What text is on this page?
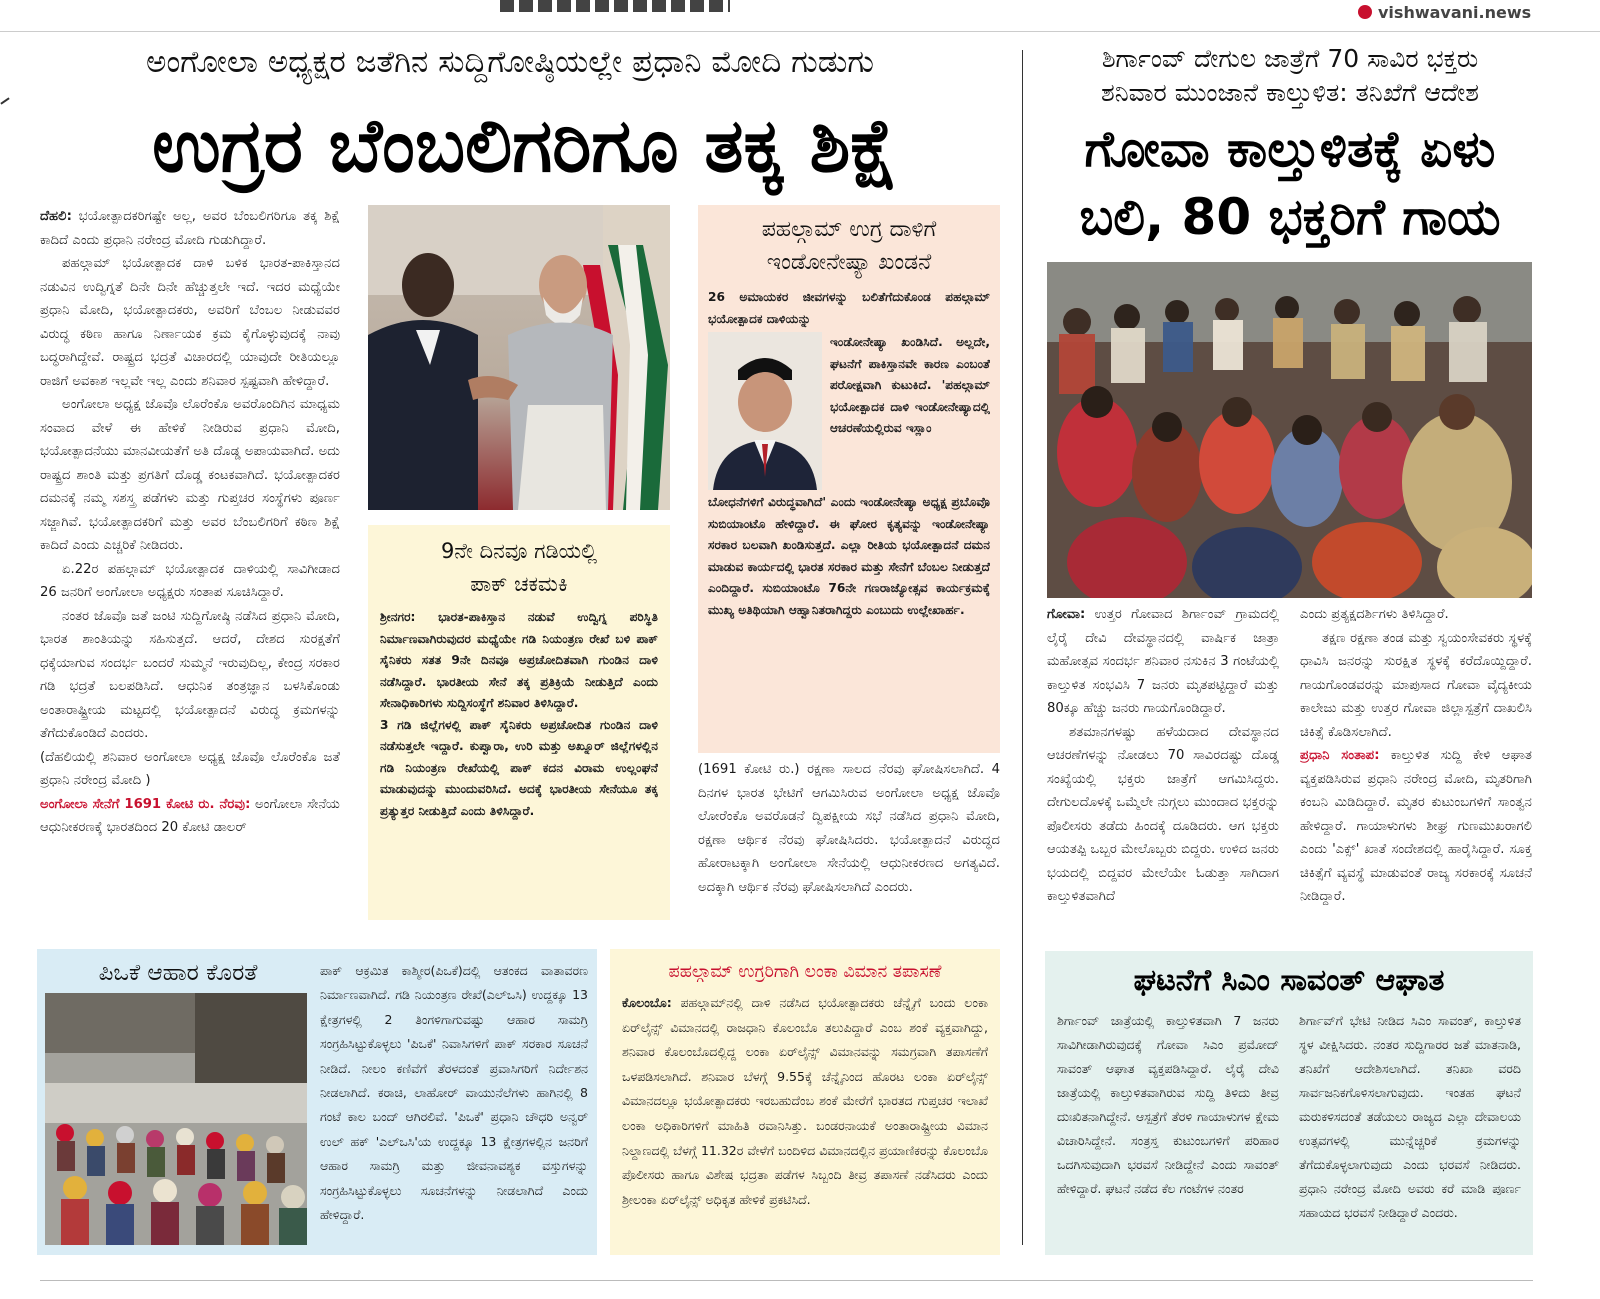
vishwavani.news
ಅಂಗೋಲಾ ಅಧ್ಯಕ್ಷರ ಜತೆಗಿನ ಸುದ್ದಿಗೋಷ್ಠಿಯಲ್ಲೇ ಪ್ರಧಾನಿ ಮೋದಿ ಗುಡುಗು
ಉಗ್ರರ ಬೆಂಬಲಿಗರಿಗೂ ತಕ್ಕ ಶಿಕ್ಷೆ

ದೆಹಲಿ: ಭಯೋತ್ಪಾದಕರಿಗಷ್ಟೇ ಅಲ್ಲ, ಅವರ ಬೆಂಬಲಿಗರಿಗೂ ತಕ್ಕ ಶಿಕ್ಷೆ ಕಾದಿದೆ ಎಂದು ಪ್ರಧಾನಿ ನರೇಂದ್ರ ಮೋದಿ ಗುಡುಗಿದ್ದಾರೆ.

ಪಹಲ್ಗಾಮ್ ಭಯೋತ್ಪಾದಕ ದಾಳಿ ಬಳಿಕ ಭಾರತ-ಪಾಕಿಸ್ತಾನದ ನಡುವಿನ ಉದ್ವಿಗ್ನತೆ ದಿನೇ ದಿನೇ ಹೆಚ್ಚುತ್ತಲೇ ಇದೆ. ಇದರ ಮಧ್ಯೆಯೇ ಪ್ರಧಾನಿ ಮೋದಿ, ಭಯೋತ್ಪಾದಕರು, ಅವರಿಗೆ ಬೆಂಬಲ ನೀಡುವವರ ವಿರುದ್ಧ ಕಠಿಣ ಹಾಗೂ ನಿರ್ಣಾಯಕ ಕ್ರಮ ಕೈಗೊಳ್ಳುವುದಕ್ಕೆ ನಾವು ಬದ್ಧರಾಗಿದ್ದೇವೆ. ರಾಷ್ಟ್ರದ ಭದ್ರತೆ ವಿಚಾರದಲ್ಲಿ ಯಾವುದೇ ರೀತಿಯಲ್ಲೂ ರಾಜಿಗೆ ಅವಕಾಶ ಇಲ್ಲವೇ ಇಲ್ಲ ಎಂದು ಶನಿವಾರ ಸ್ಪಷ್ಟವಾಗಿ ಹೇಳಿದ್ದಾರೆ.

ಅಂಗೋಲಾ ಅಧ್ಯಕ್ಷ ಜೊವೊ ಲೊರೆಂಕೊ ಅವರೊಂದಿಗಿನ ಮಾಧ್ಯಮ ಸಂವಾದ ವೇಳೆ ಈ ಹೇಳಿಕೆ ನೀಡಿರುವ ಪ್ರಧಾನಿ ಮೋದಿ, ಭಯೋತ್ಪಾದನೆಯು ಮಾನವೀಯತೆಗೆ ಅತಿ ದೊಡ್ಡ ಅಪಾಯವಾಗಿದೆ. ಅದು ರಾಷ್ಟ್ರದ ಶಾಂತಿ ಮತ್ತು ಪ್ರಗತಿಗೆ ದೊಡ್ಡ ಕಂಟಕವಾಗಿದೆ. ಭಯೋತ್ಪಾದಕರ ದಮನಕ್ಕೆ ನಮ್ಮ ಸಶಸ್ತ್ರ ಪಡೆಗಳು ಮತ್ತು ಗುಪ್ತಚರ ಸಂಸ್ಥೆಗಳು ಪೂರ್ಣ ಸಜ್ಜಾಗಿವೆ. ಭಯೋತ್ಪಾದಕರಿಗೆ ಮತ್ತು ಅವರ ಬೆಂಬಲಿಗರಿಗೆ ಕಠಿಣ ಶಿಕ್ಷೆ ಕಾದಿದೆ ಎಂದು ಎಚ್ಚರಿಕೆ ನೀಡಿದರು.

ಏ.22ರ ಪಹಲ್ಗಾಮ್ ಭಯೋತ್ಪಾದಕ ದಾಳಿಯಲ್ಲಿ ಸಾವಿಗೀಡಾದ 26 ಜನರಿಗೆ ಅಂಗೋಲಾ ಅಧ್ಯಕ್ಷರು ಸಂತಾಪ ಸೂಚಿಸಿದ್ದಾರೆ.

ನಂತರ ಜೊವೊ ಜತೆ ಜಂಟಿ ಸುದ್ದಿಗೋಷ್ಠಿ ನಡೆಸಿದ ಪ್ರಧಾನಿ ಮೋದಿ, ಭಾರತ ಶಾಂತಿಯನ್ನು ಸಹಿಸುತ್ತದೆ. ಆದರೆ, ದೇಶದ ಸುರಕ್ಷತೆಗೆ ಧಕ್ಕೆಯಾಗುವ ಸಂದರ್ಭ ಬಂದರೆ ಸುಮ್ಮನೆ ಇರುವುದಿಲ್ಲ, ಕೇಂದ್ರ ಸರಕಾರ ಗಡಿ ಭದ್ರತೆ ಬಲಪಡಿಸಿದೆ. ಆಧುನಿಕ ತಂತ್ರಜ್ಞಾನ ಬಳಸಿಕೊಂಡು ಅಂತಾರಾಷ್ಟ್ರೀಯ ಮಟ್ಟದಲ್ಲಿ ಭಯೋತ್ಪಾದನೆ ವಿರುದ್ಧ ಕ್ರಮಗಳನ್ನು ತೆಗೆದುಕೊಂಡಿದೆ ಎಂದರು.

(ದೆಹಲಿಯಲ್ಲಿ ಶನಿವಾರ ಅಂಗೋಲಾ ಅಧ್ಯಕ್ಷ ಜೊವೊ ಲೊರೆಂಕೊ ಜತೆ ಪ್ರಧಾನಿ ನರೇಂದ್ರ ಮೋದಿ )

ಅಂಗೋಲಾ ಸೇನೆಗೆ 1691 ಕೋಟಿ ರು. ನೆರವು: ಅಂಗೋಲಾ ಸೇನೆಯ ಆಧುನೀಕರಣಕ್ಕೆ ಭಾರತದಿಂದ 20 ಕೋಟಿ ಡಾಲರ್

9ನೇ ದಿನವೂ ಗಡಿಯಲ್ಲಿ
ಪಾಕ್ ಚಕಮಕಿ

ಶ್ರೀನಗರ: ಭಾರತ-ಪಾಕಿಸ್ತಾನ ನಡುವೆ ಉದ್ವಿಗ್ನ ಪರಿಸ್ಥಿತಿ ನಿರ್ಮಾಣವಾಗಿರುವುದರ ಮಧ್ಯೆಯೇ ಗಡಿ ನಿಯಂತ್ರಣ ರೇಖೆ ಬಳಿ ಪಾಕ್ ಸೈನಿಕರು ಸತತ 9ನೇ ದಿನವೂ ಅಪ್ರಚೋದಿತವಾಗಿ ಗುಂಡಿನ ದಾಳಿ ನಡೆಸಿದ್ದಾರೆ. ಭಾರತೀಯ ಸೇನೆ ತಕ್ಕ ಪ್ರತಿಕ್ರಿಯೆ ನೀಡುತ್ತಿದೆ ಎಂದು ಸೇನಾಧಿಕಾರಿಗಳು ಸುದ್ದಿಸಂಸ್ಥೆಗೆ ಶನಿವಾರ ತಿಳಿಸಿದ್ದಾರೆ.

3 ಗಡಿ ಜಿಲ್ಲೆಗಳಲ್ಲಿ ಪಾಕ್ ಸೈನಿಕರು ಅಪ್ರಚೋದಿತ ಗುಂಡಿನ ದಾಳಿ ನಡೆಸುತ್ತಲೇ ಇದ್ದಾರೆ. ಕುಪ್ವಾರಾ, ಉರಿ ಮತ್ತು ಅಖ್ನೂರ್ ಜಿಲ್ಲೆಗಳಲ್ಲಿನ ಗಡಿ ನಿಯಂತ್ರಣ ರೇಖೆಯಲ್ಲಿ ಪಾಕ್ ಕದನ ವಿರಾಮ ಉಲ್ಲಂಘನೆ ಮಾಡುವುದನ್ನು ಮುಂದುವರಿಸಿದೆ. ಅದಕ್ಕೆ ಭಾರತೀಯ ಸೇನೆಯೂ ತಕ್ಕ ಪ್ರತ್ಯುತ್ತರ ನೀಡುತ್ತಿದೆ ಎಂದು ತಿಳಿಸಿದ್ದಾರೆ.

ಪಹಲ್ಗಾಮ್ ಉಗ್ರ ದಾಳಿಗೆ
ಇಂಡೋನೇಷ್ಯಾ ಖಂಡನೆ
26 ಅಮಾಯಕರ ಜೀವಗಳನ್ನು ಬಲಿತೆಗೆದುಕೊಂಡ ಪಹಲ್ಗಾಮ್ ಭಯೋತ್ಪಾದಕ ದಾಳಿಯನ್ನು
ಇಂಡೋನೇಷ್ಯಾ ಖಂಡಿಸಿದೆ. ಅಲ್ಲದೇ, ಘಟನೆಗೆ ಪಾಕಿಸ್ತಾನವೇ ಕಾರಣ ಎಂಬಂತೆ ಪರೋಕ್ಷವಾಗಿ ಕುಟುಕಿದೆ. 'ಪಹಲ್ಗಾಮ್ ಭಯೋತ್ಪಾದಕ ದಾಳಿ ಇಂಡೋನೇಷ್ಯಾದಲ್ಲಿ ಆಚರಣೆಯಲ್ಲಿರುವ ಇಸ್ಲಾಂ
ಬೋಧನೆಗಳಿಗೆ ವಿರುದ್ಧವಾಗಿದೆ' ಎಂದು ಇಂಡೋನೇಷ್ಯಾ ಅಧ್ಯಕ್ಷ ಪ್ರಬೊವೊ ಸುಬಿಯಾಂಟೊ ಹೇಳಿದ್ದಾರೆ. ಈ ಘೋರ ಕೃತ್ಯವನ್ನು ಇಂಡೋನೇಷ್ಯಾ ಸರಕಾರ ಬಲವಾಗಿ ಖಂಡಿಸುತ್ತದೆ. ಎಲ್ಲಾ ರೀತಿಯ ಭಯೋತ್ಪಾದನೆ ದಮನ ಮಾಡುವ ಕಾರ್ಯದಲ್ಲಿ ಭಾರತ ಸರಕಾರ ಮತ್ತು ಸೇನೆಗೆ ಬೆಂಬಲ ನೀಡುತ್ತದೆ ಎಂದಿದ್ದಾರೆ. ಸುಬಿಯಾಂಟೊ 76ನೇ ಗಣರಾಜ್ಯೋತ್ಸವ ಕಾರ್ಯಕ್ರಮಕ್ಕೆ ಮುಖ್ಯ ಅತಿಥಿಯಾಗಿ ಆಹ್ವಾನಿತರಾಗಿದ್ದರು ಎಂಬುದು ಉಲ್ಲೇಖಾರ್ಹ.
(1691 ಕೋಟಿ ರು.) ರಕ್ಷಣಾ ಸಾಲದ ನೆರವು ಘೋಷಿಸಲಾಗಿದೆ. 4 ದಿನಗಳ ಭಾರತ ಭೇಟಿಗೆ ಆಗಮಿಸಿರುವ ಅಂಗೋಲಾ ಅಧ್ಯಕ್ಷ ಜೊವೊ ಲೋರೆಂಕೊ ಅವರೊಡನೆ ದ್ವಿಪಕ್ಷೀಯ ಸಭೆ ನಡೆಸಿದ ಪ್ರಧಾನಿ ಮೋದಿ, ರಕ್ಷಣಾ ಆರ್ಥಿಕ ನೆರವು ಘೋಷಿಸಿದರು. ಭಯೋತ್ಪಾದನೆ ವಿರುದ್ಧದ ಹೋರಾಟಕ್ಕಾಗಿ ಅಂಗೋಲಾ ಸೇನೆಯಲ್ಲಿ ಆಧುನೀಕರಣದ ಅಗತ್ಯವಿದೆ. ಅದಕ್ಕಾಗಿ ಆರ್ಥಿಕ ನೆರವು ಘೋಷಿಸಲಾಗಿದೆ ಎಂದರು.
ಶಿರ್ಗಾಂವ್ ದೇಗುಲ ಜಾತ್ರೆಗೆ 70 ಸಾವಿರ ಭಕ್ತರು
ಶನಿವಾರ ಮುಂಜಾನೆ ಕಾಲ್ತುಳಿತ: ತನಿಖೆಗೆ ಆದೇಶ
ಗೋವಾ ಕಾಲ್ತುಳಿತಕ್ಕೆ ಏಳು
ಬಲಿ, 80 ಭಕ್ತರಿಗೆ ಗಾಯ

ಗೋವಾ: ಉತ್ತರ ಗೋವಾದ ಶಿರ್ಗಾಂವ್ ಗ್ರಾಮದಲ್ಲಿ ಲೈರೈ ದೇವಿ ದೇವಸ್ಥಾನದಲ್ಲಿ ವಾರ್ಷಿಕ ಜಾತ್ರಾ ಮಹೋತ್ಸವ ಸಂದರ್ಭ ಶನಿವಾರ ನಸುಕಿನ 3 ಗಂಟೆಯಲ್ಲಿ ಕಾಲ್ತುಳಿತ ಸಂಭವಿಸಿ 7 ಜನರು ಮೃತಪಟ್ಟಿದ್ದಾರೆ ಮತ್ತು 80ಕ್ಕೂ ಹೆಚ್ಚು ಜನರು ಗಾಯಗೊಂಡಿದ್ದಾರೆ.

ಶತಮಾನಗಳಷ್ಟು ಹಳೆಯದಾದ ದೇವಸ್ಥಾನದ ಆಚರಣೆಗಳನ್ನು ನೋಡಲು 70 ಸಾವಿರದಷ್ಟು ದೊಡ್ಡ ಸಂಖ್ಯೆಯಲ್ಲಿ ಭಕ್ತರು ಜಾತ್ರೆಗೆ ಆಗಮಿಸಿದ್ದರು. ದೇಗುಲದೊಳಕ್ಕೆ ಒಮ್ಮೆಲೇ ನುಗ್ಗಲು ಮುಂದಾದ ಭಕ್ತರನ್ನು ಪೊಲೀಸರು ತಡೆದು ಹಿಂದಕ್ಕೆ ದೂಡಿದರು. ಆಗ ಭಕ್ತರು ಆಯತಪ್ಪಿ ಒಬ್ಬರ ಮೇಲೊಬ್ಬರು ಬಿದ್ದರು. ಉಳಿದ ಜನರು ಭಯದಲ್ಲಿ ಬಿದ್ದವರ ಮೇಲೆಯೇ ಓಡುತ್ತಾ ಸಾಗಿದಾಗ ಕಾಲ್ತುಳಿತವಾಗಿದೆ

ಎಂದು ಪ್ರತ್ಯಕ್ಷದರ್ಶಿಗಳು ತಿಳಿಸಿದ್ದಾರೆ.

ತಕ್ಷಣ ರಕ್ಷಣಾ ತಂಡ ಮತ್ತು ಸ್ವಯಂಸೇವಕರು ಸ್ಥಳಕ್ಕೆ ಧಾವಿಸಿ ಜನರನ್ನು ಸುರಕ್ಷಿತ ಸ್ಥಳಕ್ಕೆ ಕರೆದೊಯ್ದಿದ್ದಾರೆ. ಗಾಯಗೊಂಡವರನ್ನು ಮಾಪುಸಾದ ಗೋವಾ ವೈದ್ಯಕೀಯ ಕಾಲೇಜು ಮತ್ತು ಉತ್ತರ ಗೋವಾ ಜಿಲ್ಲಾಸ್ಪತ್ರೆಗೆ ದಾಖಲಿಸಿ ಚಿಕಿತ್ಸೆ ಕೊಡಿಸಲಾಗಿದೆ.

ಪ್ರಧಾನಿ ಸಂತಾಪ: ಕಾಲ್ತುಳಿತ ಸುದ್ದಿ ಕೇಳಿ ಆಘಾತ ವ್ಯಕ್ತಪಡಿಸಿರುವ ಪ್ರಧಾನಿ ನರೇಂದ್ರ ಮೋದಿ, ಮೃತರಿಗಾಗಿ ಕಂಬನಿ ಮಿಡಿದಿದ್ದಾರೆ. ಮೃತರ ಕುಟುಂಬಗಳಿಗೆ ಸಾಂತ್ವನ ಹೇಳಿದ್ದಾರೆ. ಗಾಯಾಳುಗಳು ಶೀಘ್ರ ಗುಣಮುಖರಾಗಲಿ ಎಂದು 'ಎಕ್ಸ್' ಖಾತೆ ಸಂದೇಶದಲ್ಲಿ ಹಾರೈಸಿದ್ದಾರೆ. ಸೂಕ್ತ ಚಿಕಿತ್ಸೆಗೆ ವ್ಯವಸ್ಥೆ ಮಾಡುವಂತೆ ರಾಜ್ಯ ಸರಕಾರಕ್ಕೆ ಸೂಚನೆ ನೀಡಿದ್ದಾರೆ.

ಪಿಒಕೆ ಆಹಾರ ಕೊರತೆ	ಪಾಕ್ ಆಕ್ರಮಿತ ಕಾಶ್ಮೀರ(ಪಿಒಕೆ)ದಲ್ಲಿ ಆತಂಕದ ವಾತಾವರಣ ನಿರ್ಮಾಣವಾಗಿದೆ. ಗಡಿ ನಿಯಂತ್ರಣ ರೇಖೆ(ಎಲ್‌ಒಸಿ) ಉದ್ದಕ್ಕೂ 13 ಕ್ಷೇತ್ರಗಳಲ್ಲಿ 2 ತಿಂಗಳಿಗಾಗುವಷ್ಟು ಆಹಾರ ಸಾಮಗ್ರಿ ಸಂಗ್ರಹಿಸಿಟ್ಟುಕೊಳ್ಳಲು 'ಪಿಒಕೆ' ನಿವಾಸಿಗಳಿಗೆ ಪಾಕ್ ಸರಕಾರ ಸೂಚನೆ ನೀಡಿದೆ. ನೀಲಂ ಕಣಿವೆಗೆ ತೆರಳದಂತೆ ಪ್ರವಾಸಿಗರಿಗೆ ನಿರ್ದೇಶನ ನೀಡಲಾಗಿದೆ. ಕರಾಚಿ, ಲಾಹೋರ್ ವಾಯುನೆಲೆಗಳು ಹಾಗಿನಲ್ಲಿ 8 ಗಂಟೆ ಕಾಲ ಬಂದ್ ಆಗಿರಲಿವೆ. 'ಪಿಒಕೆ' ಪ್ರಧಾನಿ ಚೌಧರಿ ಅನ್ವರ್ ಉಲ್ ಹಕ್ 'ಎಲ್‌ಒಸಿ'ಯ ಉದ್ದಕ್ಕೂ 13 ಕ್ಷೇತ್ರಗಳಲ್ಲಿನ ಜನರಿಗೆ ಆಹಾರ ಸಾಮಗ್ರಿ ಮತ್ತು ಜೀವನಾವಶ್ಯಕ ವಸ್ತುಗಳನ್ನು ಸಂಗ್ರಹಿಸಿಟ್ಟುಕೊಳ್ಳಲು ಸೂಚನೆಗಳನ್ನು ನೀಡಲಾಗಿದೆ ಎಂದು ಹೇಳಿದ್ದಾರೆ.
ಪಹಲ್ಗಾಮ್ ಉಗ್ರರಿಗಾಗಿ ಲಂಕಾ ವಿಮಾನ ತಪಾಸಣೆ

ಕೊಲಂಬೊ: ಪಹಲ್ಗಾಮ್‌ನಲ್ಲಿ ದಾಳಿ ನಡೆಸಿದ ಭಯೋತ್ಪಾದಕರು ಚೆನ್ನೈಗೆ ಬಂದು ಲಂಕಾ ಏರ್‌ಲೈನ್ಸ್ ವಿಮಾನದಲ್ಲಿ ರಾಜಧಾನಿ ಕೊಲಂಬೊ ತಲುಪಿದ್ದಾರೆ ಎಂಬ ಶಂಕೆ ವ್ಯಕ್ತವಾಗಿದ್ದು, ಶನಿವಾರ ಕೊಲಂಬೊದಲ್ಲಿದ್ದ ಲಂಕಾ ಏರ್‌ಲೈನ್ಸ್ ವಿಮಾನವನ್ನು ಸಮಗ್ರವಾಗಿ ತಪಾಸಣೆಗೆ ಒಳಪಡಿಸಲಾಗಿದೆ. ಶನಿವಾರ ಬೆಳಗ್ಗೆ 9.55ಕ್ಕೆ ಚೆನ್ನೈನಿಂದ ಹೊರಟ ಲಂಕಾ ಏರ್‌ಲೈನ್ಸ್ ವಿಮಾನದಲ್ಲೂ ಭಯೋತ್ಪಾದಕರು ಇರಬಹುದೆಂಬ ಶಂಕೆ ಮೇರೆಗೆ ಭಾರತದ ಗುಪ್ತಚರ ಇಲಾಖೆ ಲಂಕಾ ಅಧಿಕಾರಿಗಳಿಗೆ ಮಾಹಿತಿ ರವಾನಿಸಿತ್ತು. ಬಂಡರನಾಯಕೆ ಅಂತಾರಾಷ್ಟ್ರೀಯ ವಿಮಾನ ನಿಲ್ದಾಣದಲ್ಲಿ ಬೆಳಗ್ಗೆ 11.32ರ ವೇಳೆಗೆ ಬಂದಿಳಿದ ವಿಮಾನದಲ್ಲಿನ ಪ್ರಯಾಣಿಕರನ್ನು ಕೊಲಂಬೊ ಪೊಲೀಸರು ಹಾಗೂ ವಿಶೇಷ ಭದ್ರತಾ ಪಡೆಗಳ ಸಿಬ್ಬಂದಿ ತೀವ್ರ ತಪಾಸಣೆ ನಡೆಸಿದರು ಎಂದು ಶ್ರೀಲಂಕಾ ಏರ್‌ಲೈನ್ಸ್ ಅಧಿಕೃತ ಹೇಳಿಕೆ ಪ್ರಕಟಿಸಿದೆ.

ಘಟನೆಗೆ ಸಿಎಂ ಸಾವಂತ್ ಆಘಾತ
ಶಿರ್ಗಾಂವ್ ಜಾತ್ರೆಯಲ್ಲಿ ಕಾಲ್ತುಳಿತವಾಗಿ 7 ಜನರು ಸಾವಿಗೀಡಾಗಿರುವುದಕ್ಕೆ ಗೋವಾ ಸಿಎಂ ಪ್ರಮೋದ್ ಸಾವಂತ್ ಆಘಾತ ವ್ಯಕ್ತಪಡಿಸಿದ್ದಾರೆ. ಲೈರೈ ದೇವಿ ಜಾತ್ರೆಯಲ್ಲಿ ಕಾಲ್ತುಳಿತವಾಗಿರುವ ಸುದ್ದಿ ತಿಳಿದು ತೀವ್ರ ದುಃಖಿತನಾಗಿದ್ದೇನೆ. ಆಸ್ಪತ್ರೆಗೆ ತೆರಳಿ ಗಾಯಾಳುಗಳ ಕ್ಷೇಮ ವಿಚಾರಿಸಿದ್ದೇನೆ. ಸಂತ್ರಸ್ತ ಕುಟುಂಬಗಳಿಗೆ ಪರಿಹಾರ ಒದಗಿಸುವುದಾಗಿ ಭರವಸೆ ನೀಡಿದ್ದೇನೆ ಎಂದು ಸಾವಂತ್ ಹೇಳಿದ್ದಾರೆ. ಘಟನೆ ನಡೆದ ಕೆಲ ಗಂಟೆಗಳ ನಂತರ
ಶಿರ್ಗಾವ್‌ಗೆ ಭೇಟಿ ನೀಡಿದ ಸಿಎಂ ಸಾವಂತ್, ಕಾಲ್ತುಳಿತ ಸ್ಥಳ ವೀಕ್ಷಿಸಿದರು. ನಂತರ ಸುದ್ದಿಗಾರರ ಜತೆ ಮಾತನಾಡಿ, ತನಿಖೆಗೆ ಆದೇಶಿಸಲಾಗಿದೆ. ತನಿಖಾ ವರದಿ ಸಾರ್ವಜನಿಕಗೊಳಿಸಲಾಗುವುದು. ಇಂತಹ ಘಟನೆ ಮರುಕಳಿಸದಂತೆ ತಡೆಯಲು ರಾಜ್ಯದ ಎಲ್ಲಾ ದೇವಾಲಯ ಉತ್ಸವಗಳಲ್ಲಿ ಮುನ್ನೆಚ್ಚರಿಕೆ ಕ್ರಮಗಳನ್ನು ತೆಗೆದುಕೊಳ್ಳಲಾಗುವುದು ಎಂದು ಭರವಸೆ ನೀಡಿದರು. ಪ್ರಧಾನಿ ನರೇಂದ್ರ ಮೋದಿ ಅವರು ಕರೆ ಮಾಡಿ ಪೂರ್ಣ ಸಹಾಯದ ಭರವಸೆ ನೀಡಿದ್ದಾರೆ ಎಂದರು.
